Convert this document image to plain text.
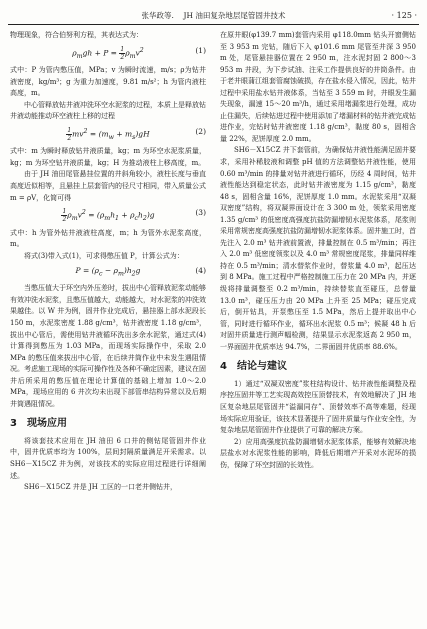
张华政等. JH 油田复杂地层尾管固井技术	· 125 ·

物理现象，符合伯努利方程，其表达式为：

$\rho_mgh + P = \frac{1}{2}\rho_mv^2$	(1)

式中：P 为管内憋压值，MPa；v 为瞬时流速，m/s；ρ为钻井液密度，kg/m³；g 为重力加速度，9.81 m/s²；h 为管内液柱高度，m。

中心管释放钻井液冲洗环空水泥浆的过程，本质上是释放钻井液动能推动环空液柱上移的过程

$\frac{1}{2}mv^2 = (m_w + m_s)gH$	(2)

式中：m 为瞬时释放钻井液质量，kg；m 为环空水泥浆质量，kg；m 为环空钻井液质量，kg；H 为推动液柱上移高度，m。

由于 JH 油田尾管悬挂位置的井斜角较小，液柱长度与垂直高度近似相等，且悬挂上层套管内的径尺寸相同，带入质量公式 m = ρV，化简可得

$\frac{1}{2}\rho_mv^2 = (\rho_mh_1 + \rho_ch_2)g$	(3)

式中：h 为管外钻井液液柱高度，m；h 为管外水泥浆高度，m。

将式(3)带入式(1)，可求得憋压值 P，计算公式为：

$P = (\rho_c - \rho_m)h_2g$	(4)

当憋压值大于环空内外压差时，拔出中心管释放泥浆动能够有效冲洗水泥浆，且憋压值越大，动能越大，对水泥浆的冲洗效果越佳。以 W 井为例，固井作业完成后，悬挂器上部水泥段长 150 m，水泥浆密度 1.88 g/cm³，钻井液密度 1.18 g/cm³，拔出中心管后，需使用钻井液循环洗出多余水泥浆，通过式(4)计算得到憋压为 1.03 MPa，而现场实际操作中，采取 2.0 MPa 的憋压值来拔出中心管，在后续井筒作业中未发生遇阻情况。考虑施工现场的实际可操作性及各种不确定因素，建议在固井后所采用的憋压值在理论计算值的基础上增加 1.0～2.0 MPa，现场应用的 6 井次均未出现下部管串结构异常以及后期井筒遇阻情况。

3　现场应用

将该套技术应用在 JH 油田 6 口井的侧钻尾管固井作业中，固井优质率均为 100%，层间封隔质量满足开采需求。以 SH6－X15CZ 井为例，对该技术的实际应用过程进行详细阐述。

SH6－X15CZ 井是 JH 工区的一口老井侧钻井，

在原井眼(φ139.7 mm)套管内采用 φ118.0mm 钻头开窗侧钻至 3 953 m 完钻，随后下入 φ101.6 mm 尾管至井深 3 950 m 处，尾管悬挂器位置在 2 950 m，注水泥封固 2 800～3 953 m 井段，为下步试油、注采工作提供良好的井筒条件。由于老井眼蒲江组套管腐蚀破损，存在盐水侵入情况，因此，钻井过程中采用盐水钻井液体系，当钻至 3 559 m 时，井眼发生漏失现象，漏速 15～20 m³/h，通过采用堵漏浆进行处理，成功止住漏失，后续钻进过程中使用添加了堵漏材料的钻井液完成钻进作业，完钻时钻井液密度 1.18 g/cm³，黏度 80 s，固相含量 22%，泥饼厚度 2.0 mm。

SH6－X15CZ 井下套管前，为确保钻井液性能满足固井要求，采用补稀胶液和调整 pH 值的方法调整钻井液性能，使用 0.60 m³/min 的排量对钻井液进行循环，历经 4 周时间，钻井液性能达到稳定状态，此时钻井液密度为 1.15 g/cm³，黏度 48 s，固相含量 16%，泥饼厚度 1.0 mm。水泥浆采用“双凝双密度”结构，将双凝界面设计在 3 300 m 处，领浆采用密度 1.35 g/cm³ 的低密度高强度抗盐防漏增韧水泥浆体系，尾浆则采用常规密度高强度抗盐防漏增韧水泥浆体系。固井施工时，首先注入 2.0 m³ 钻井液前置液，排量控制在 0.5 m³/min；再注入 2.0 m³ 低密度领浆以及 4.0 m³ 常规密度尾浆，排量同样维持在 0.5 m³/min；清水替浆作业时，替浆量 4.0 m³，起压达到 8 MPa。施工过程中严格控制施工压力在 20 MPa 内，并逐级将排量调整至 0.2 m³/min，持续替浆直至碰压，总替量 13.0 m³，碰压压力由 20 MPa 上升至 25 MPa；碰压完成后，倒开钻具，开泵憋压至 1.5 MPa，然后上提并取出中心管，同时进行循环作业，循环出水泥浆 0.5 m³；候凝 48 h 后对固井质量进行测声幅检测，结果显示水泥浆返高 2 950 m，一界面固井优质率达 94.7%，二界面固井优质率 88.6%。

4　结论与建议

1）通过“双凝双密度”浆柱结构设计、钻井液性能调整及程序控压固井等工艺实现高效控压顶替技术，有效地解决了 JH 地区复杂地层尾管固井“溢漏同存”、顶替效率不高等难题，经现场实际应用验证，该技术显著提升了固井质量与作业安全性，为复杂地层尾管固井作业提供了可靠的解决方案。

2）应用高强度抗盐防漏增韧水泥浆体系，能够有效解决地层盐水对水泥浆性能的影响，降低后期增产开采对水泥环的损伤，保障了环空封固的长效性。
